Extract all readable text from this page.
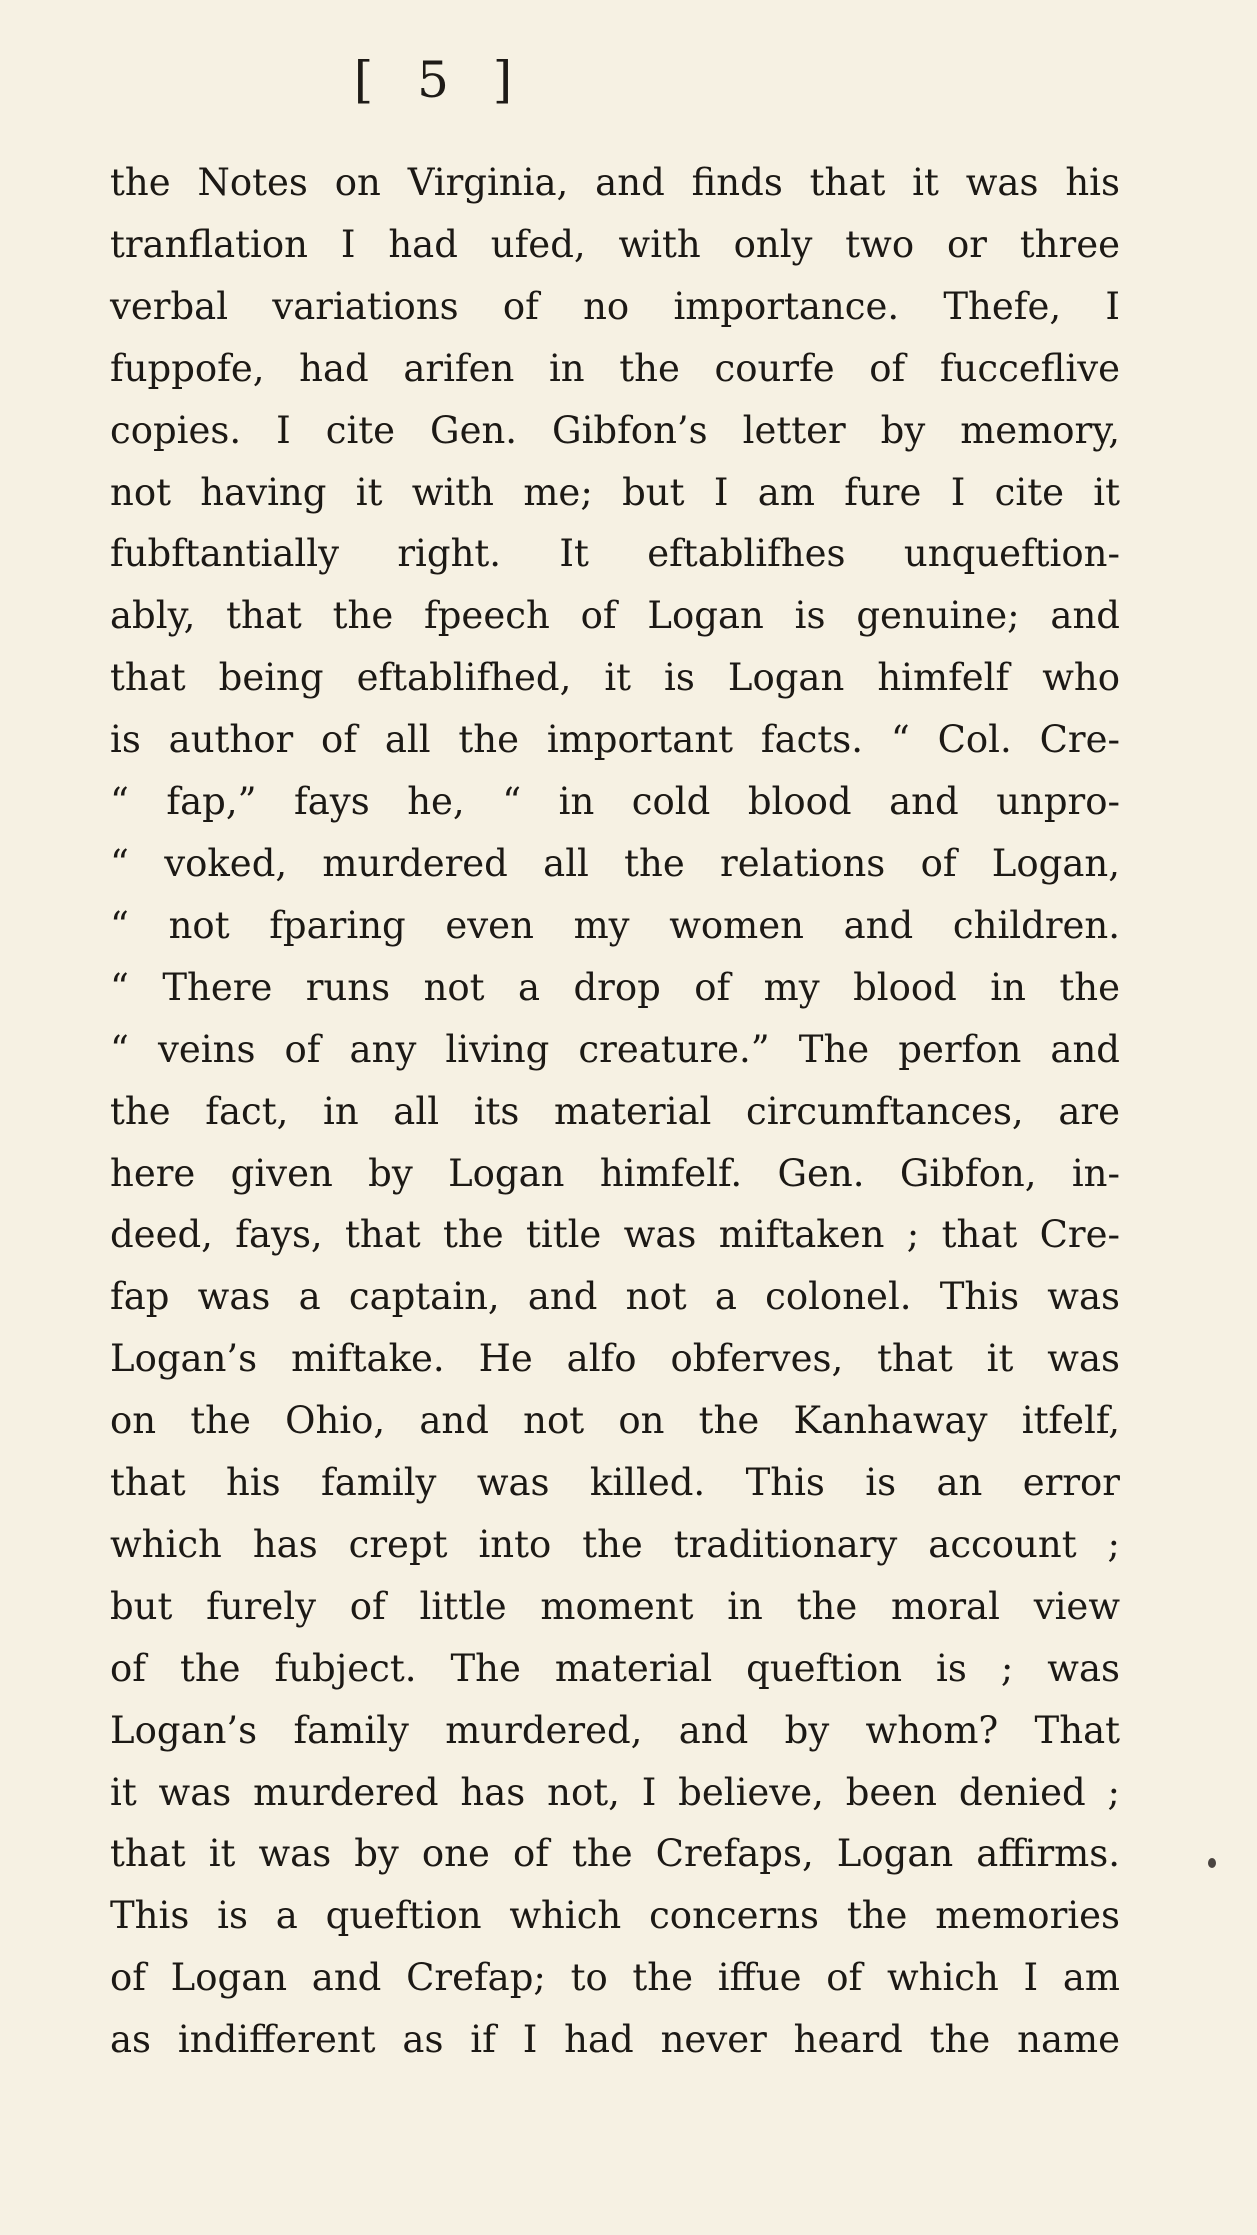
[ 5 ]
the Notes on Virginia, and finds that it was his
tranflation I had ufed, with only two or three
verbal variations of no importance. Thefe, I
fuppofe, had arifen in the courfe of fucceflive
copies. I cite Gen. Gibfon’s letter by memory,
not having it with me; but I am fure I cite it
fubftantially right. It eftablifhes unqueftion-
ably, that the fpeech of Logan is genuine; and
that being eftablifhed, it is Logan himfelf who
is author of all the important facts. “ Col. Cre-
“ fap,” fays he, “ in cold blood and unpro-
“ voked, murdered all the relations of Logan,
“ not fparing even my women and children.
“ There runs not a drop of my blood in the
“ veins of any living creature.” The perfon and
the fact, in all its material circumftances, are
here given by Logan himfelf. Gen. Gibfon, in-
deed, fays, that the title was miftaken ; that Cre-
fap was a captain, and not a colonel. This was
Logan’s miftake. He alfo obferves, that it was
on the Ohio, and not on the Kanhaway itfelf,
that his family was killed. This is an error
which has crept into the traditionary account ;
but furely of little moment in the moral view
of the fubject. The material queftion is ; was
Logan’s family murdered, and by whom? That
it was murdered has not, I believe, been denied ;
that it was by one of the Crefaps, Logan affirms.
This is a queftion which concerns the memories
of Logan and Crefap; to the iffue of which I am
as indifferent as if I had never heard the name
